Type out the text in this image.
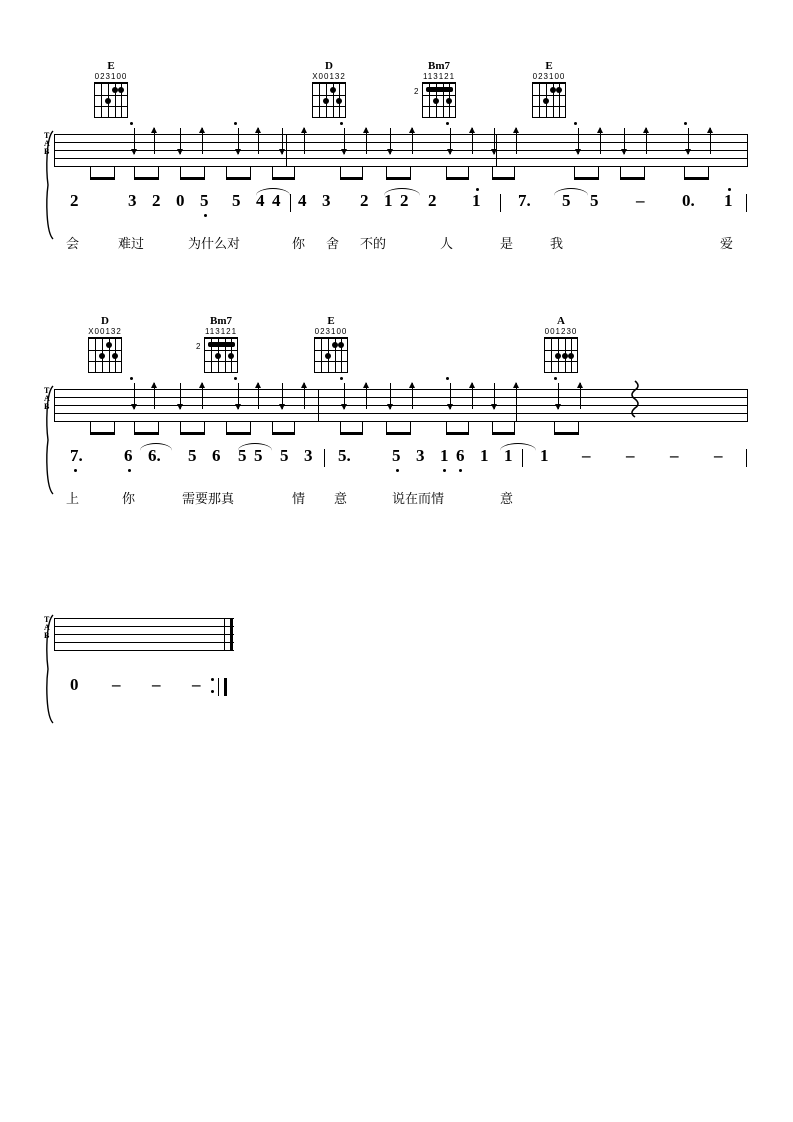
E
023100
D
X00132
Bm7
113121
2
E
023100
T
A
B
2	3 2 0 5 5 4 4 4 3 2 1 2 2 1 7. 5 5 – 0. 1
会	难过	为什么对	你 舍 不的	人	是	我	爱
D
X00132
Bm7
113121
2
E
023100
A
001230
T
A
B
7. 6 6. 5 6 5 5 5 3 5. 5 3 1 6 1 1 1 – – – –
上	你	需要那真	情 意	说在而情	意
T
A
B
0 – – –
